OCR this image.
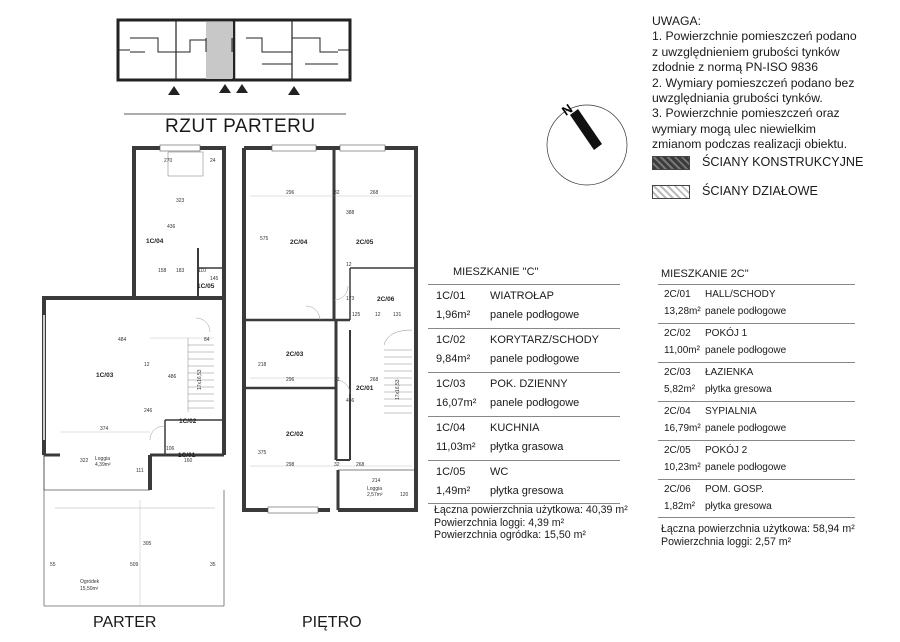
N
1C/04
1C/05
1C/03
1C/02
1C/01
Loggia
4,39m²
Ogródek
15,50m²
270	24
323
436
158 183	110
145
484	84
486
12
246
374
160
106
322
111
305
55	509	35
17x16,53
2C/04	2C/05
2C/06
2C/03
2C/01
2C/02
Loggia
2,57m²
296	32	268
575
388
12
173
125	12 131
218
296	32	268
486
375
298	32	268
214
120
17x16,53
RZUT PARTERU
PARTER	PIĘTRO
UWAGA:
1. Powierzchnie pomieszczeń podano
z uwzględnieniem grubości tynków
zdodnie z normą PN-ISO 9836
2. Wymiary pomieszczeń podano bez
uwzględniania grubości tynków.
3. Powierzchnie pomieszczeń oraz
wymiary mogą ulec niewielkim
zmianom podczas realizacji obiektu.
ŚCIANY KONSTRUKCYJNE
ŚCIANY DZIAŁOWE
MIESZKANIE "C"
1C/01 WIATROŁAP
1,96m² panele podłogowe
1C/02 KORYTARZ/SCHODY
9,84m² panele podłogowe
1C/03 POK. DZIENNY
16,07m² panele podłogowe
1C/04 KUCHNIA
11,03m² płytka grasowa
1C/05 WC
1,49m² płytka gresowa
Łączna powierzchnia użytkowa: 40,39 m²
Powierzchnia loggi: 4,39 m²
Powierzchnia ogródka: 15,50 m²
MIESZKANIE 2C"
2C/01 HALL/SCHODY
13,28m² panele podłogowe
2C/02 POKÓJ 1
11,00m² panele podłogowe
2C/03 ŁAZIENKA
5,82m² płytka gresowa
2C/04 SYPIALNIA
16,79m² panele podłogowe
2C/05 POKÓJ 2
10,23m² panele podłogowe
2C/06 POM. GOSP.
1,82m² płytka gresowa
Łączna powierzchnia użytkowa: 58,94 m²
Powierzchnia loggi: 2,57 m²
